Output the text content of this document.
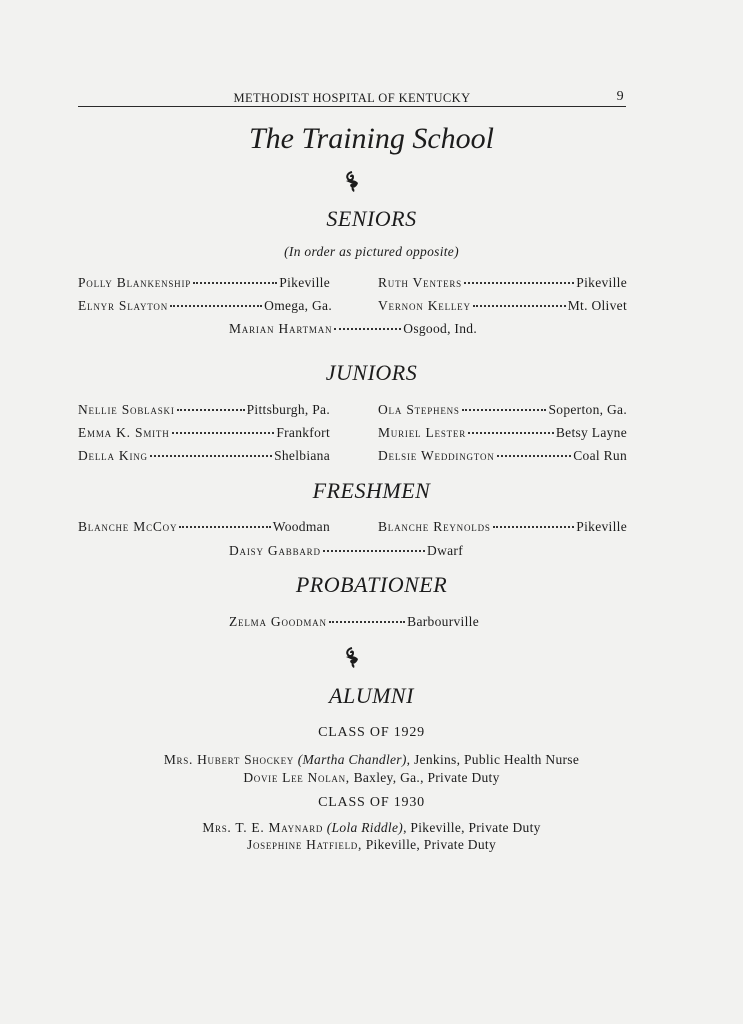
METHODIST HOSPITAL OF KENTUCKY	9
The Training School
SENIORS
(In order as pictured opposite)
Polly Blankenship	Pikeville	Ruth Venters	Pikeville
Elnyr Slayton	Omega, Ga.	Vernon Kelley	Mt. Olivet
Marian Hartman	Osgood, Ind.
JUNIORS
Nellie Soblaski	Pittsburgh, Pa.	Ola Stephens	Soperton, Ga.
Emma K. Smith	Frankfort	Muriel Lester	Betsy Layne
Della King	Shelbiana	Delsie Weddington	Coal Run
FRESHMEN
Blanche McCoy	Woodman	Blanche Reynolds	Pikeville
Daisy Gabbard	Dwarf
PROBATIONER
Zelma Goodman	Barbourville
ALUMNI
CLASS OF 1929
Mrs. Hubert Shockey (Martha Chandler), Jenkins, Public Health Nurse
Dovie Lee Nolan, Baxley, Ga., Private Duty
CLASS OF 1930
Mrs. T. E. Maynard (Lola Riddle), Pikeville, Private Duty
Josephine Hatfield, Pikeville, Private Duty
